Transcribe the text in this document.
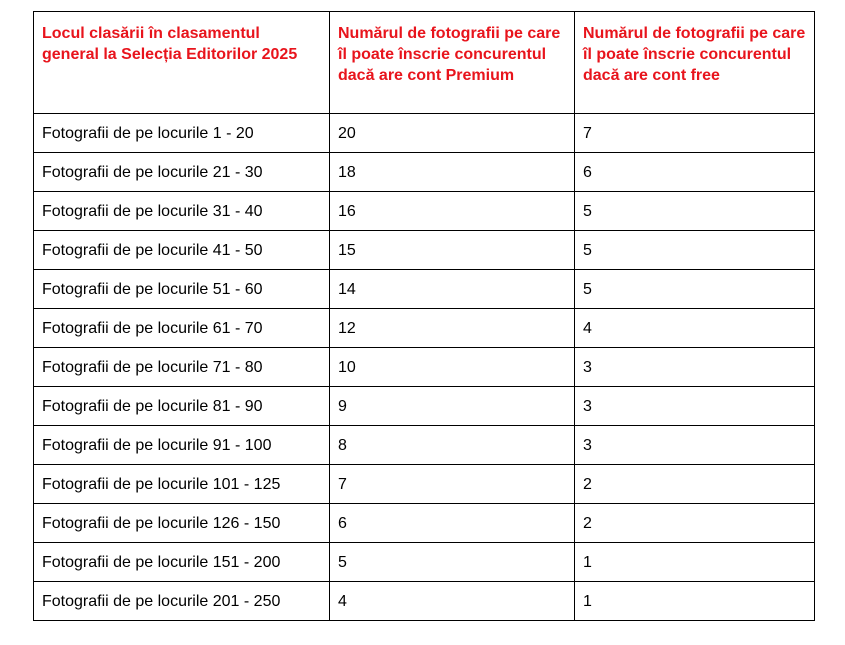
Locul clasării în clasamentul general la Selecția Editorilor 2025	Numărul de fotografii pe care îl poate înscrie concurentul dacă are cont Premium	Numărul de fotografii pe care îl poate înscrie concurentul dacă are cont free
Fotografii de pe locurile 1 - 20	20	7
Fotografii de pe locurile 21 - 30	18	6
Fotografii de pe locurile 31 - 40	16	5
Fotografii de pe locurile 41 - 50	15	5
Fotografii de pe locurile 51 - 60	14	5
Fotografii de pe locurile 61 - 70	12	4
Fotografii de pe locurile 71 - 80	10	3
Fotografii de pe locurile 81 - 90	9	3
Fotografii de pe locurile 91 - 100	8	3
Fotografii de pe locurile 101 - 125	7	2
Fotografii de pe locurile 126 - 150	6	2
Fotografii de pe locurile 151 - 200	5	1
Fotografii de pe locurile 201 - 250	4	1
